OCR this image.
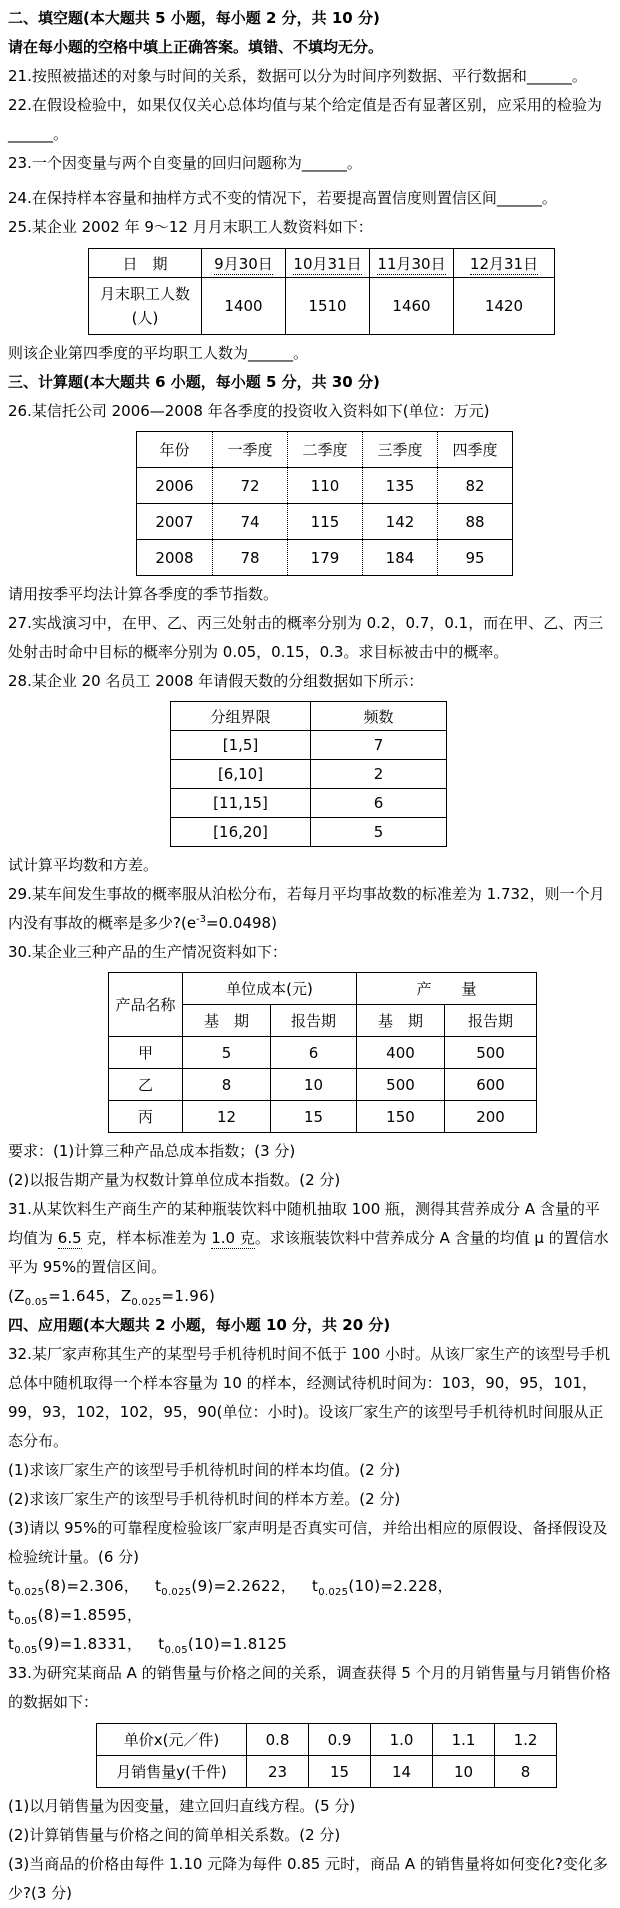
二、填空题(本大题共 5 小题，每小题 2 分，共 10 分)

请在每小题的空格中填上正确答案。填错、不填均无分。

21.按照被描述的对象与时间的关系，数据可以分为时间序列数据、平行数据和______。

22.在假设检验中，如果仅仅关心总体均值与某个给定值是否有显著区别，应采用的检验为______。

23.一个因变量与两个自变量的回归问题称为______。

24.在保持样本容量和抽样方式不变的情况下，若要提高置信度则置信区间______。

25.某企业 2002 年 9～12 月月末职工人数资料如下：

日　期	9月30日	10月31日	11月30日	12月31日
月末职工人数
(人)	1400	1510	1460	1420

则该企业第四季度的平均职工人数为______。

三、计算题(本大题共 6 小题，每小题 5 分，共 30 分)

26.某信托公司 2006—2008 年各季度的投资收入资料如下(单位：万元)

年份	一季度	二季度	三季度	四季度
2006	72	110	135	82
2007	74	115	142	88
2008	78	179	184	95

请用按季平均法计算各季度的季节指数。

27.实战演习中，在甲、乙、丙三处射击的概率分别为 0.2，0.7，0.1，而在甲、乙、丙三处射击时命中目标的概率分别为 0.05，0.15，0.3。求目标被击中的概率。

28.某企业 20 名员工 2008 年请假天数的分组数据如下所示：

分组界限	频数
[1,5]	7
[6,10]	2
[11,15]	6
[16,20]	5

试计算平均数和方差。

29.某车间发生事故的概率服从泊松分布，若每月平均事故数的标准差为 1.732，则一个月内没有事故的概率是多少$?(e^{-3}=0.0498)$

30.某企业三种产品的生产情况资料如下：

产品名称	单位成本(元)		产　　量	
	基　期	报告期	基　期	报告期
甲	5	6	400	500
乙	8	10	500	600
丙	12	15	150	200

要求：(1)计算三种产品总成本指数；(3 分)

(2)以报告期产量为权数计算单位成本指数。(2 分)

31.从某饮料生产商生产的某种瓶装饮料中随机抽取 100 瓶，测得其营养成分 A 含量的平均值为 6.5 克，样本标准差为 1.0 克。求该瓶装饮料中营养成分 A 含量的均值 μ 的置信水平为 95%的置信区间。

($Z_{0.05}=1.645$，$Z_{0.025}=1.96$)

四、应用题(本大题共 2 小题，每小题 10 分，共 20 分)

32.某厂家声称其生产的某型号手机待机时间不低于 100 小时。从该厂家生产的该型号手机总体中随机取得一个样本容量为 10 的样本，经测试待机时间为：103，90，95，101，99，93，102，102，95，90(单位：小时)。设该厂家生产的该型号手机待机时间服从正态分布。

(1)求该厂家生产的该型号手机待机时间的样本均值。(2 分)

(2)求该厂家生产的该型号手机待机时间的样本方差。(2 分)

(3)请以 95%的可靠程度检验该厂家声明是否真实可信，并给出相应的原假设、备择假设及检验统计量。(6 分)

$t_{0.025}(8)=2.306$， $t_{0.025}(9)=2.2622$， $t_{0.025}(10)=2.228$，$t_{0.05}(8)=1.8595$，

$t_{0.05}(9)=1.8331$， $t_{0.05}(10)=1.8125$

33.为研究某商品 A 的销售量与价格之间的关系，调查获得 5 个月的月销售量与月销售价格的数据如下：

单价x(元／件)	0.8	0.9	1.0	1.1	1.2
月销售量y(千件)	23	15	14	10	8

(1)以月销售量为因变量，建立回归直线方程。(5 分)

(2)计算销售量与价格之间的简单相关系数。(2 分)

(3)当商品的价格由每件 1.10 元降为每件 0.85 元时，商品 A 的销售量将如何变化?变化多少?(3 分)
